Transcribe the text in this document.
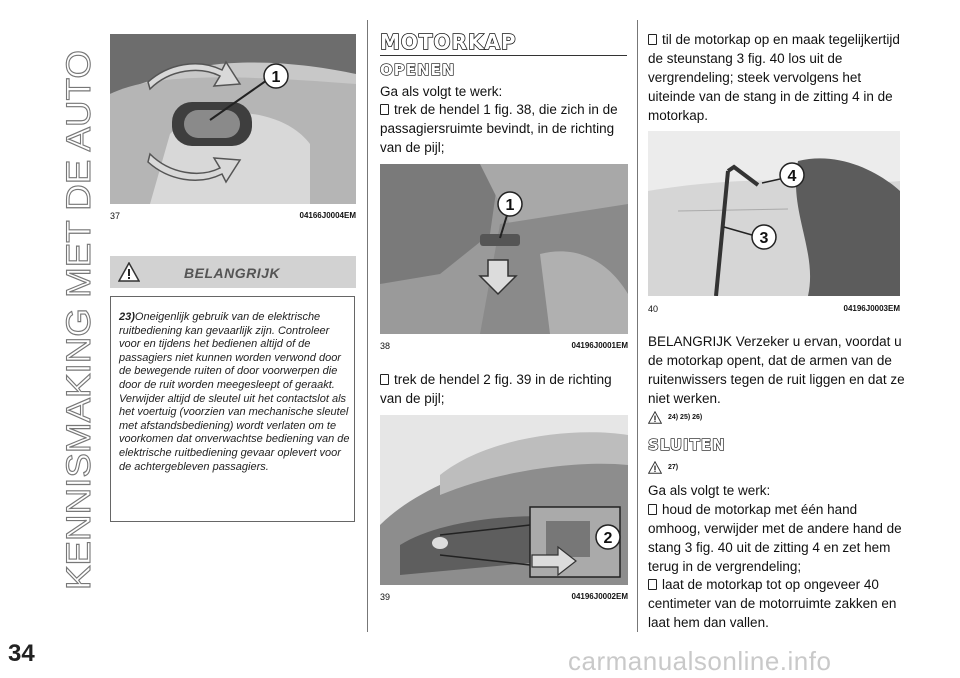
KENNISMAKING MET DE AUTO
1
37	04166J0004EM
BELANGRIJK
23)Oneigenlijk gebruik van de elektrische ruitbediening kan gevaarlijk zijn. Controleer voor en tijdens het bedienen altijd of de passagiers niet kunnen worden verwond door de bewegende ruiten of door voorwerpen die door de ruit worden meegesleept of geraakt. Verwijder altijd de sleutel uit het contactslot als het voertuig (voorzien van mechanische sleutel met afstandsbediening) wordt verlaten om te voorkomen dat onverwachtse bediening van de elektrische ruitbediening gevaar oplevert voor de achtergebleven passagiers.
MOTORKAP
OPENEN
Ga als volgt te werk:
trek de hendel 1 fig. 38, die zich in de passagiersruimte bevindt, in de richting van de pijl;
1
38	04196J0001EM
trek de hendel 2 fig. 39 in de richting van de pijl;
2
39	04196J0002EM
til de motorkap op en maak tegelijkertijd de steunstang 3 fig. 40 los uit de vergrendeling; steek vervolgens het uiteinde van de stang in de zitting 4 in de motorkap.
4
3
40	04196J0003EM
BELANGRIJK Verzeker u ervan, voordat u de motorkap opent, dat de armen van de ruitenwissers tegen de ruit liggen en dat ze niet werken.
24) 25) 26)
SLUITEN
27)
Ga als volgt te werk:
houd de motorkap met één hand omhoog, verwijder met de andere hand de stang 3 fig. 40 uit de zitting 4 en zet hem terug in de vergrendeling;
laat de motorkap tot op ongeveer 40 centimeter van de motorruimte zakken en laat hem dan vallen.
34	carmanualsonline.info
